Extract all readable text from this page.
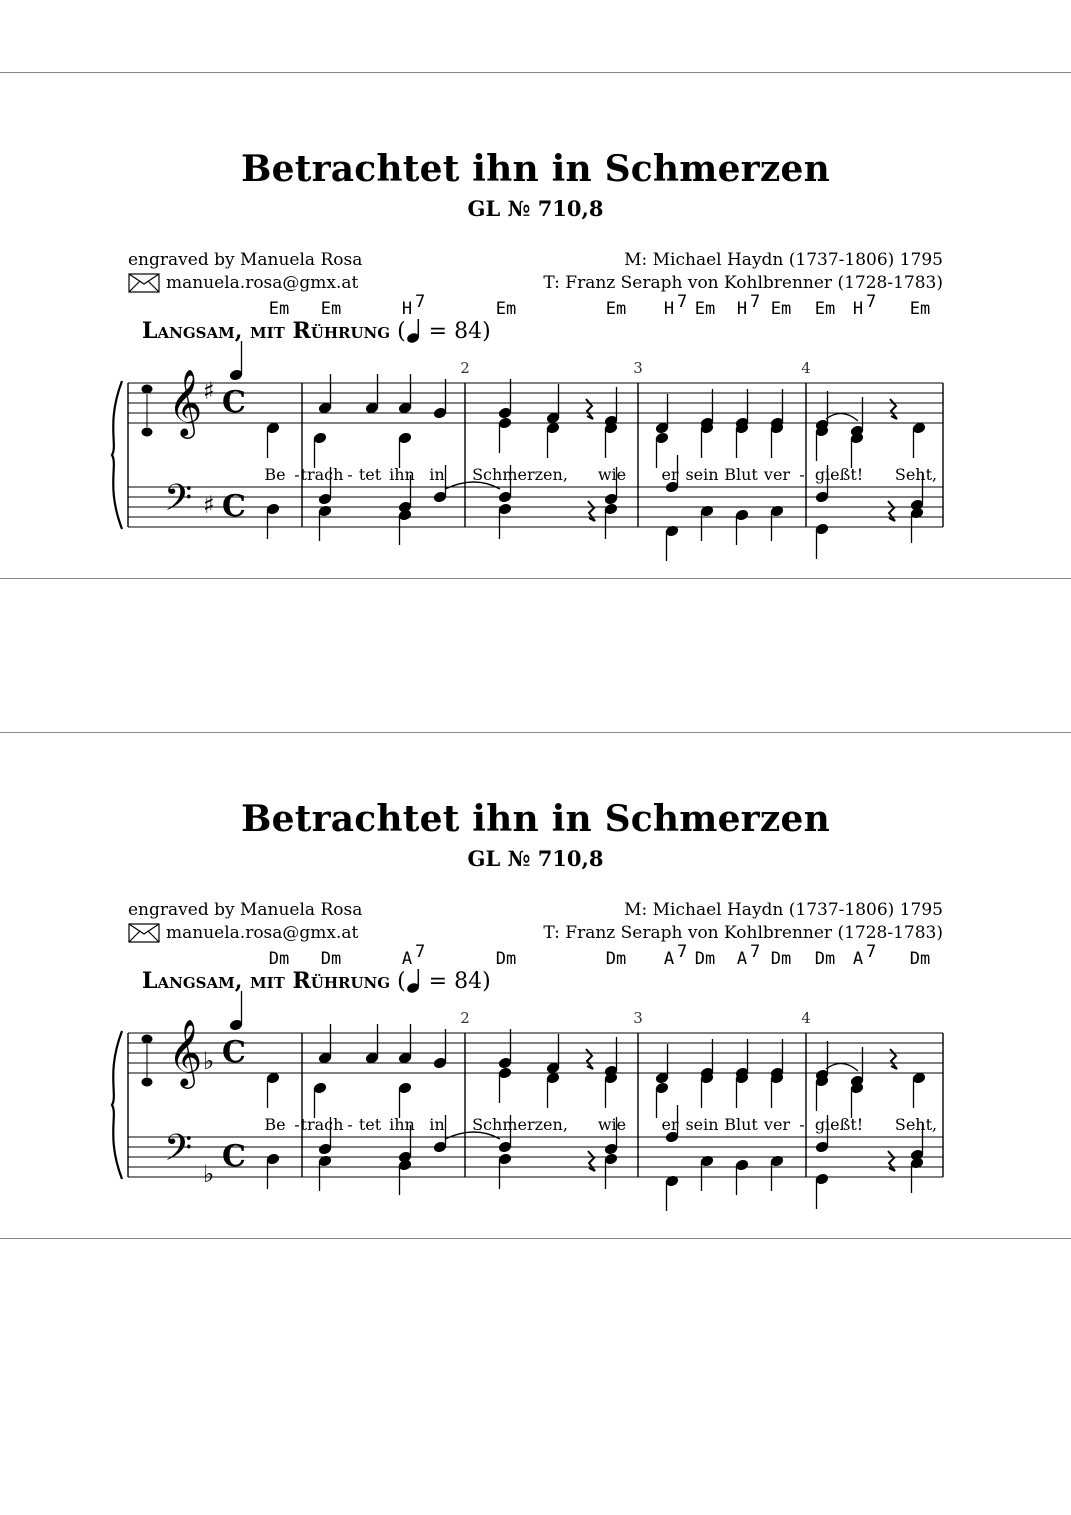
Betrachtet ihn in Schmerzen
GL № 710,8
engraved by Manuela Rosa
manuela.rosa@gmx.at
M: Michael Haydn (1737-1806) 1795
T: Franz Seraph von Kohlbrenner (1728-1783)
Langsam, mit Rührung (
= 84)
𝄞
𝄢
♯
♯
C
C
Em Em	H 7	Em	Em H 7 Em H 7 Em Em H 7 Em
2	3	4
Be - trach - tet ihn in Schmerzen, wie er sein Blut ver - gießt! Seht,
Betrachtet ihn in Schmerzen
GL № 710,8
engraved by Manuela Rosa
manuela.rosa@gmx.at
M: Michael Haydn (1737-1806) 1795
T: Franz Seraph von Kohlbrenner (1728-1783)
Langsam, mit Rührung (
= 84)
𝄞
𝄢
♭
♭
C
C
Dm Dm	A 7	Dm	Dm A 7 Dm A 7 Dm Dm A 7 Dm
2	3	4
Be - trach - tet ihn in Schmerzen, wie er sein Blut ver - gießt! Seht,
